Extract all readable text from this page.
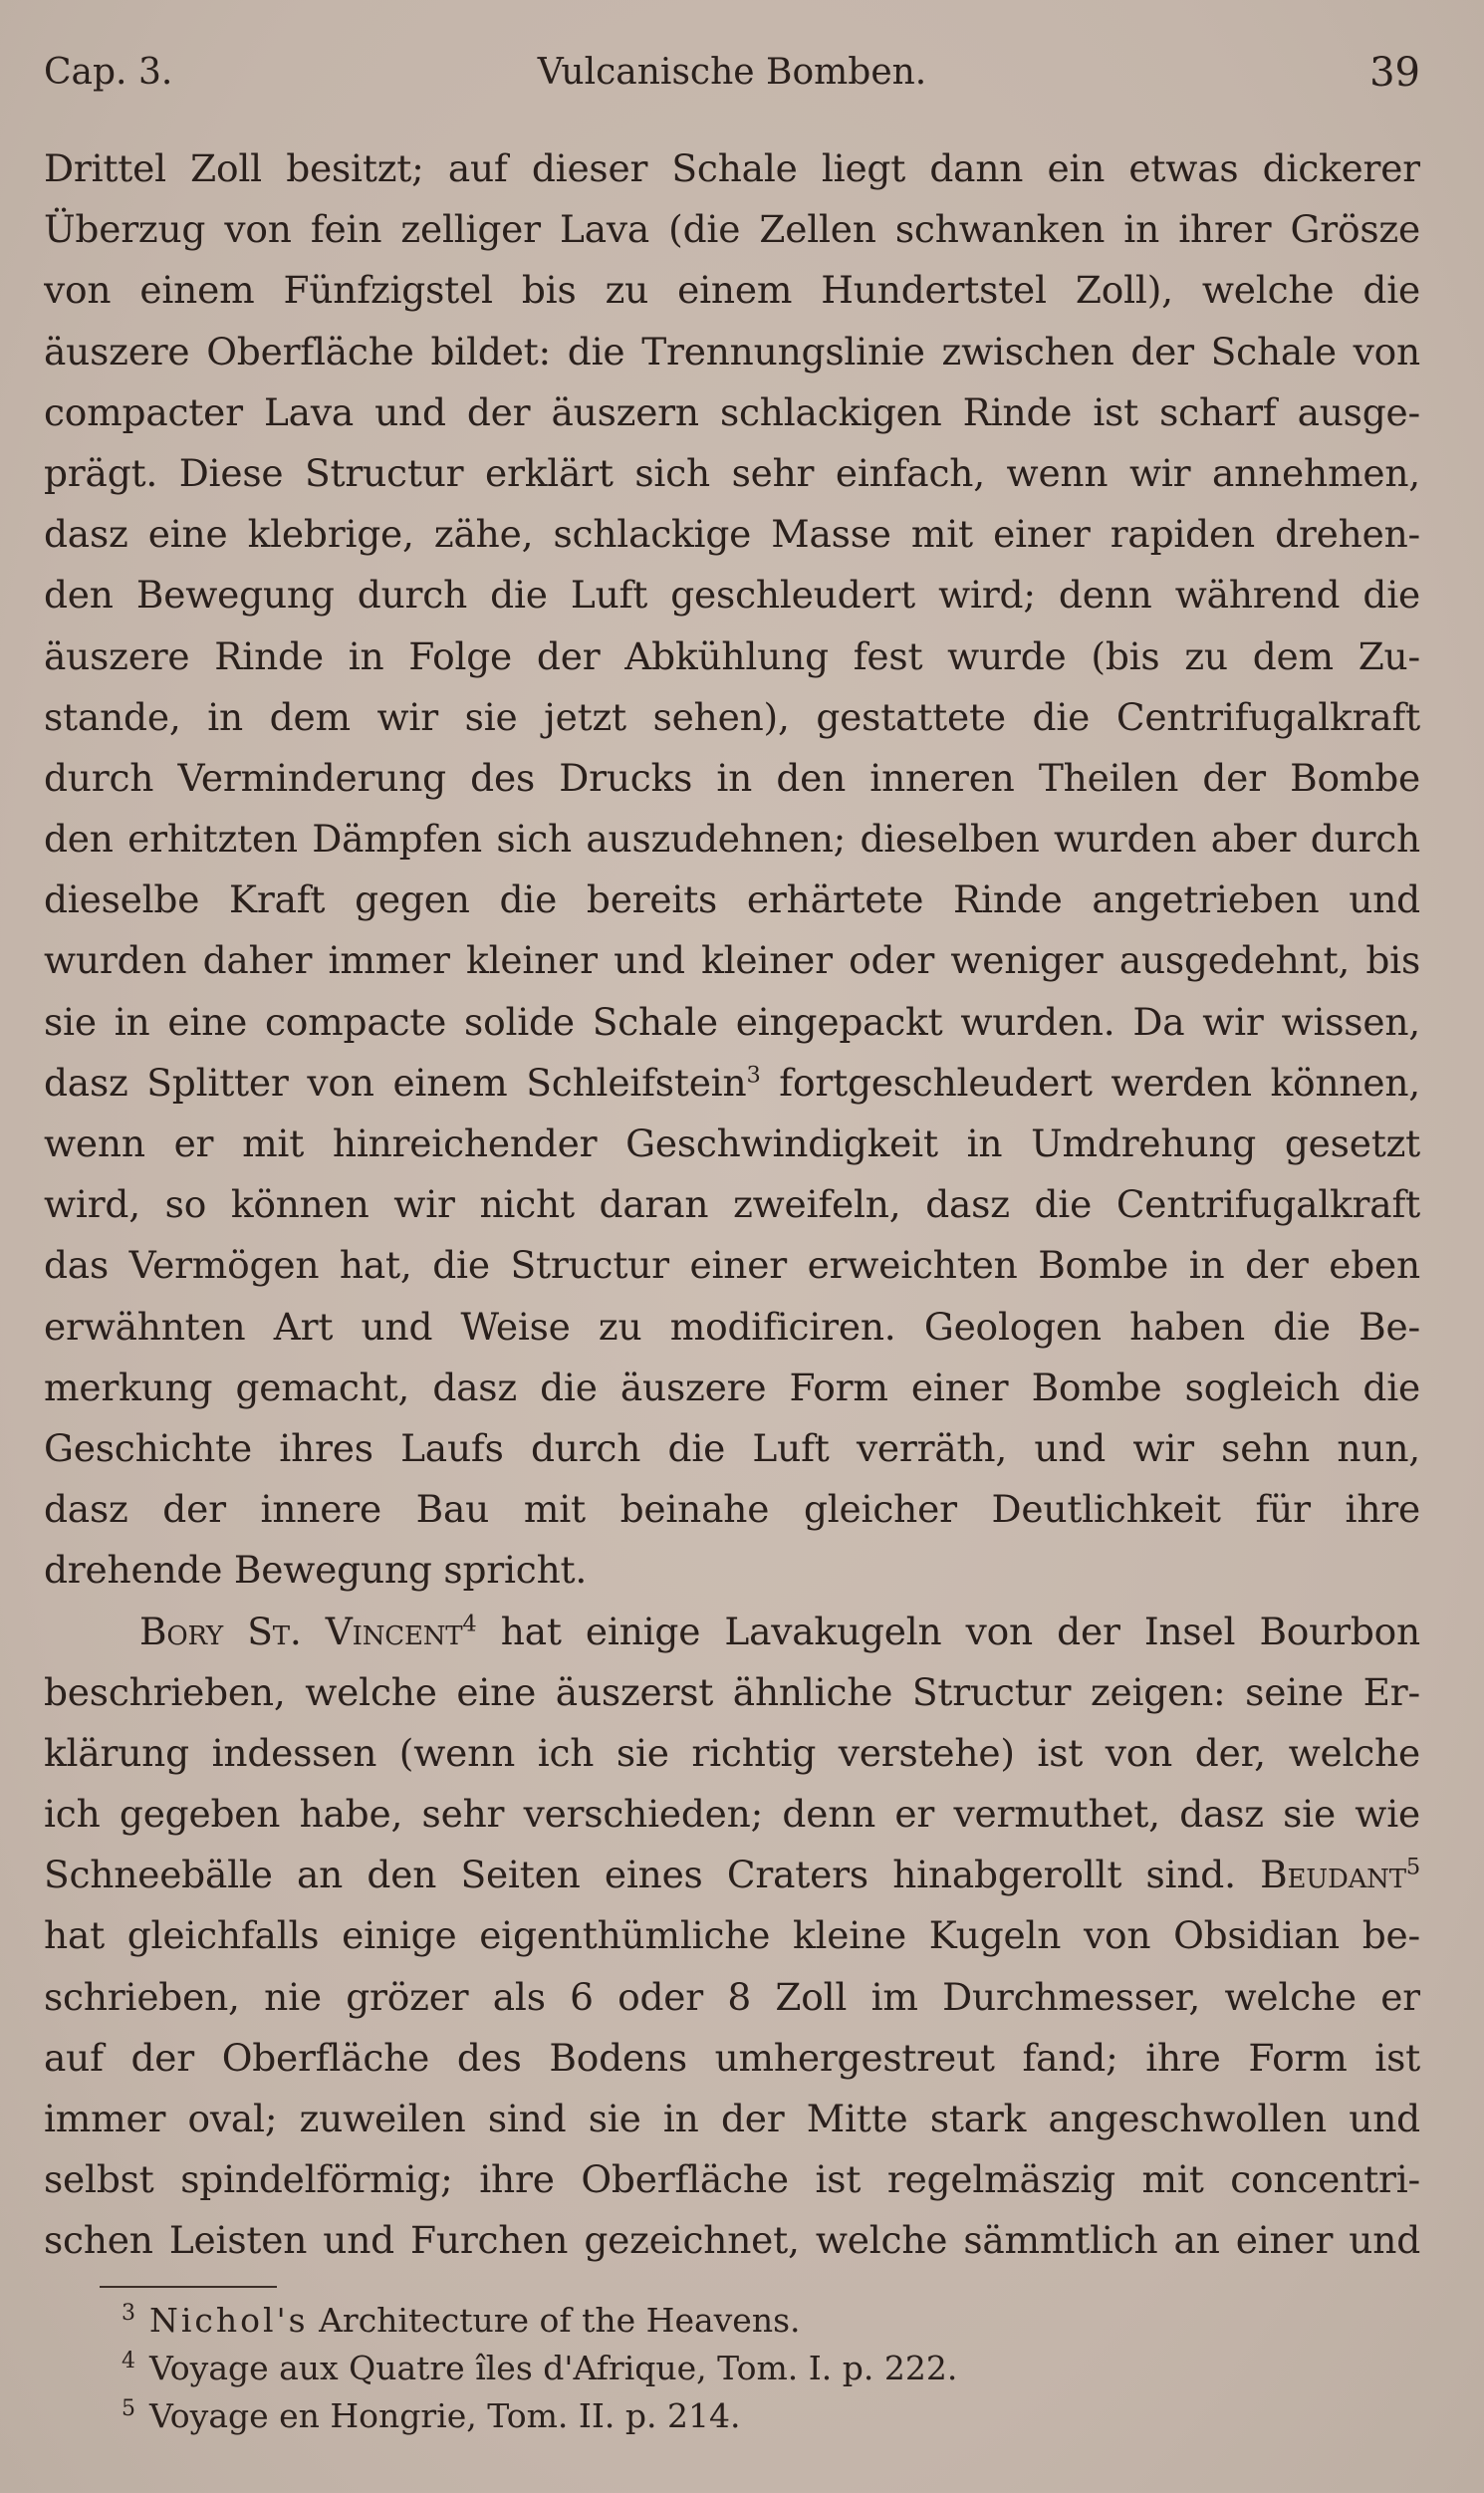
Cap. 3.	Vulcanische Bomben.	39
Drittel Zoll besitzt; auf dieser Schale liegt dann ein etwas dickerer
Überzug von fein zelliger Lava (die Zellen schwanken in ihrer Grösze
von einem Fünfzigstel bis zu einem Hundertstel Zoll), welche die
äuszere Oberfläche bildet: die Trennungslinie zwischen der Schale von
compacter Lava und der äuszern schlackigen Rinde ist scharf ausge-
prägt. Diese Structur erklärt sich sehr einfach, wenn wir annehmen,
dasz eine klebrige, zähe, schlackige Masse mit einer rapiden drehen-
den Bewegung durch die Luft geschleudert wird; denn während die
äuszere Rinde in Folge der Abkühlung fest wurde (bis zu dem Zu-
stande, in dem wir sie jetzt sehen), gestattete die Centrifugalkraft
durch Verminderung des Drucks in den inneren Theilen der Bombe
den erhitzten Dämpfen sich auszudehnen; dieselben wurden aber durch
dieselbe Kraft gegen die bereits erhärtete Rinde angetrieben und
wurden daher immer kleiner und kleiner oder weniger ausgedehnt, bis
sie in eine compacte solide Schale eingepackt wurden. Da wir wissen,
dasz Splitter von einem Schleifstein$^3$ fortgeschleudert werden können,
wenn er mit hinreichender Geschwindigkeit in Umdrehung gesetzt
wird, so können wir nicht daran zweifeln, dasz die Centrifugalkraft
das Vermögen hat, die Structur einer erweichten Bombe in der eben
erwähnten Art und Weise zu modificiren. Geologen haben die Be-
merkung gemacht, dasz die äuszere Form einer Bombe sogleich die
Geschichte ihres Laufs durch die Luft verräth, und wir sehn nun,
dasz der innere Bau mit beinahe gleicher Deutlichkeit für ihre
drehende Bewegung spricht.
Bory St. Vincent$^4$ hat einige Lavakugeln von der Insel Bourbon
beschrieben, welche eine äuszerst ähnliche Structur zeigen: seine Er-
klärung indessen (wenn ich sie richtig verstehe) ist von der, welche
ich gegeben habe, sehr verschieden; denn er vermuthet, dasz sie wie
Schneebälle an den Seiten eines Craters hinabgerollt sind. Beudant$^5$
hat gleichfalls einige eigenthümliche kleine Kugeln von Obsidian be-
schrieben, nie grözer als 6 oder 8 Zoll im Durchmesser, welche er
auf der Oberfläche des Bodens umhergestreut fand; ihre Form ist
immer oval; zuweilen sind sie in der Mitte stark angeschwollen und
selbst spindelförmig; ihre Oberfläche ist regelmäszig mit concentri-
schen Leisten und Furchen gezeichnet, welche sämmtlich an einer und
$^3$ Nichol's Architecture of the Heavens.
$^4$ Voyage aux Quatre îles d'Afrique, Tom. I. p. 222.
$^5$ Voyage en Hongrie, Tom. II. p. 214.
